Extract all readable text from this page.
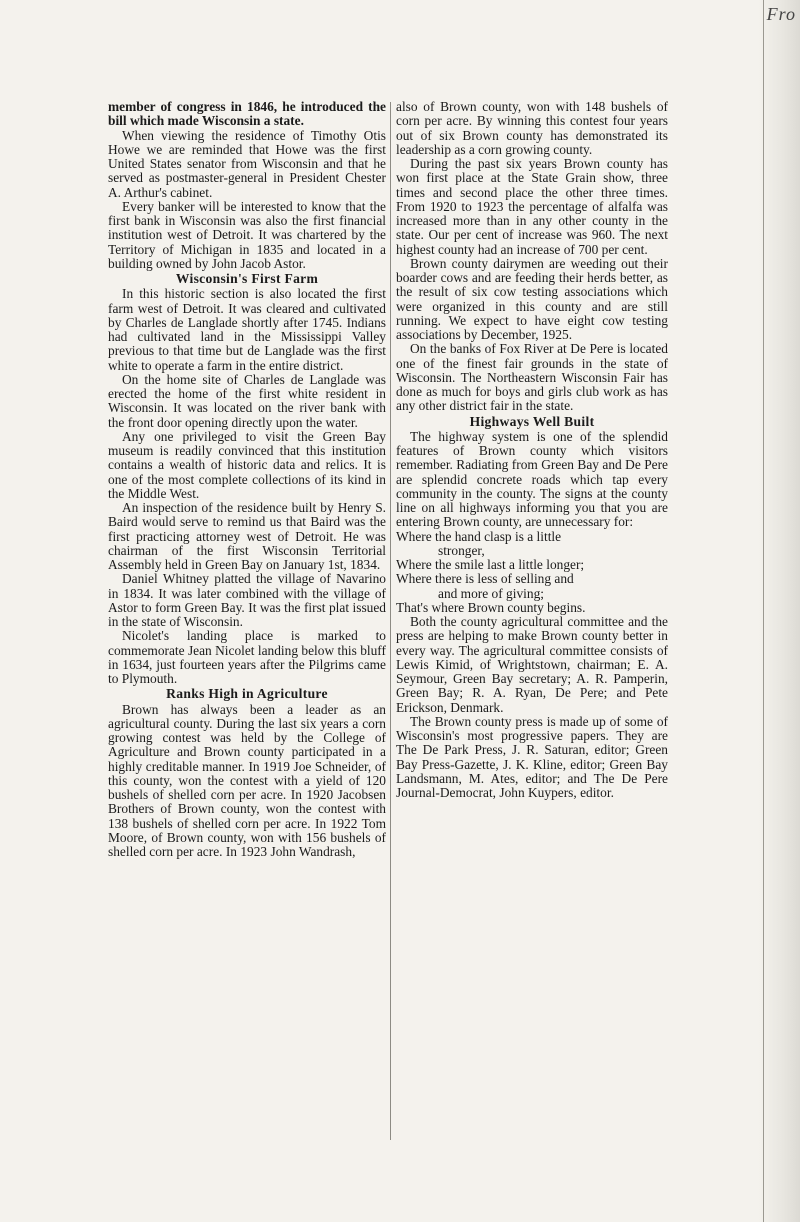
Fro

member of congress in 1846, he introduced the bill which made Wisconsin a state.

When viewing the residence of Timothy Otis Howe we are reminded that Howe was the first United States senator from Wisconsin and that he served as postmaster-general in President Chester A. Arthur's cabinet.

Every banker will be interested to know that the first bank in Wisconsin was also the first financial institution west of Detroit. It was chartered by the Territory of Michigan in 1835 and located in a building owned by John Jacob Astor.

Wisconsin's First Farm

In this historic section is also located the first farm west of Detroit. It was cleared and cultivated by Charles de Langlade shortly after 1745. Indians had cultivated land in the Mississippi Valley previous to that time but de Langlade was the first white to operate a farm in the entire district.

On the home site of Charles de Langlade was erected the home of the first white resident in Wisconsin. It was located on the river bank with the front door opening directly upon the water.

Any one privileged to visit the Green Bay museum is readily convinced that this institution contains a wealth of historic data and relics. It is one of the most complete collections of its kind in the Middle West.

An inspection of the residence built by Henry S. Baird would serve to remind us that Baird was the first practicing attorney west of Detroit. He was chairman of the first Wisconsin Territorial Assembly held in Green Bay on January 1st, 1834.

Daniel Whitney platted the village of Navarino in 1834. It was later combined with the village of Astor to form Green Bay. It was the first plat issued in the state of Wisconsin.

Nicolet's landing place is marked to commemorate Jean Nicolet landing below this bluff in 1634, just fourteen years after the Pilgrims came to Plymouth.

Ranks High in Agriculture

Brown has always been a leader as an agricultural county. During the last six years a corn growing contest was held by the College of Agriculture and Brown county participated in a highly creditable manner. In 1919 Joe Schneider, of this county, won the contest with a yield of 120 bushels of shelled corn per acre. In 1920 Jacobsen Brothers of Brown county, won the contest with 138 bushels of shelled corn per acre. In 1922 Tom Moore, of Brown county, won with 156 bushels of shelled corn per acre. In 1923 John Wandrash,

also of Brown county, won with 148 bushels of corn per acre. By winning this contest four years out of six Brown county has demonstrated its leadership as a corn growing county.

During the past six years Brown county has won first place at the State Grain show, three times and second place the other three times. From 1920 to 1923 the percentage of alfalfa was increased more than in any other county in the state. Our per cent of increase was 960. The next highest county had an increase of 700 per cent.

Brown county dairymen are weeding out their boarder cows and are feeding their herds better, as the result of six cow testing associations which were organized in this county and are still running. We expect to have eight cow testing associations by December, 1925.

On the banks of Fox River at De Pere is located one of the finest fair grounds in the state of Wisconsin. The Northeastern Wisconsin Fair has done as much for boys and girls club work as has any other district fair in the state.

Highways Well Built

The highway system is one of the splendid features of Brown county which visitors remember. Radiating from Green Bay and De Pere are splendid concrete roads which tap every community in the county. The signs at the county line on all highways informing you that you are entering Brown county, are unnecessary for:

Where the hand clasp is a little
stronger,

Where the smile last a little longer;

Where there is less of selling and
and more of giving;

That's where Brown county begins.

Both the county agricultural committee and the press are helping to make Brown county better in every way. The agricultural committee consists of Lewis Kimid, of Wrightstown, chairman; E. A. Seymour, Green Bay secretary; A. R. Pamperin, Green Bay; R. A. Ryan, De Pere; and Pete Erickson, Denmark.

The Brown county press is made up of some of Wisconsin's most progressive papers. They are The De Park Press, J. R. Saturan, editor; Green Bay Press-Gazette, J. K. Kline, editor; Green Bay Landsmann, M. Ates, editor; and The De Pere Journal-Democrat, John Kuypers, editor.
